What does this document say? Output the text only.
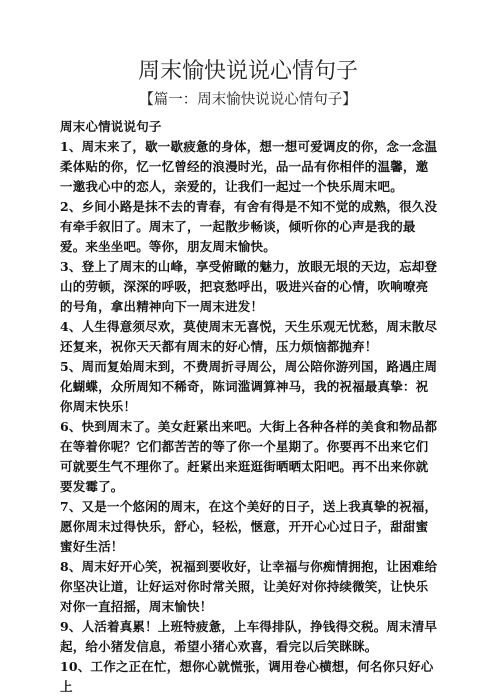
周末愉快说说心情句子
【篇一：周末愉快说说心情句子】
周末心情说说句子
1、周末来了，歇一歇疲惫的身体，想一想可爱调皮的你，念一念温柔体贴的你，忆一忆曾经的浪漫时光，品一品有你相伴的温馨，邀一邀我心中的恋人，亲爱的，让我们一起过一个快乐周末吧。
2、乡间小路是抹不去的青春，有舍有得是不知不觉的成熟，很久没有牵手叙旧了。周末了，一起散步畅谈，倾听你的心声是我的最爱。来坐坐吧。等你，朋友周末愉快。
3、登上了周末的山峰，享受俯瞰的魅力，放眼无垠的天边，忘却登山的劳顿，深深的呼吸，把哀愁呼出，吸进兴奋的心情，吹响嘹亮的号角，拿出精神向下一周末进发！
4、人生得意须尽欢，莫使周末无喜悦，天生乐观无忧愁，周末散尽还复来，祝你天天都有周末的好心情，压力烦恼都抛弃！
5、周而复始周末到，不费周折寻周公，周公陪你游列国，路遇庄周化蝴蝶，众所周知不稀奇，陈词滥调算神马，我的祝福最真挚：祝你周末快乐！
6、快到周末了。美女赶紧出来吧。大街上各种各样的美食和物品都在等着你呢？它们都苦苦的等了你一个星期了。你要再不出来它们可就要生气不理你了。赶紧出来逛逛街晒晒太阳吧。再不出来你就要发霉了。
7、又是一个悠闲的周末，在这个美好的日子，送上我真挚的祝福，愿你周末过得快乐，舒心，轻松，惬意，开开心心过日子，甜甜蜜蜜好生活！
8、周末好开心笑，祝福到要收好，让幸福与你痴情拥抱，让困难给你坚决让道，让好运对你时常关照，让美好对你持续微笑，让快乐对你一直招摇，周末愉快！
9、人活着真累！上班特疲惫，上车得排队，挣钱得交税。周末清早起，给小猪发信息，希望小猪心欢喜，看完以后笑眯眯。
10、工作之正在忙，想你心就慌张，调用卷心横想，何名你只好心上
